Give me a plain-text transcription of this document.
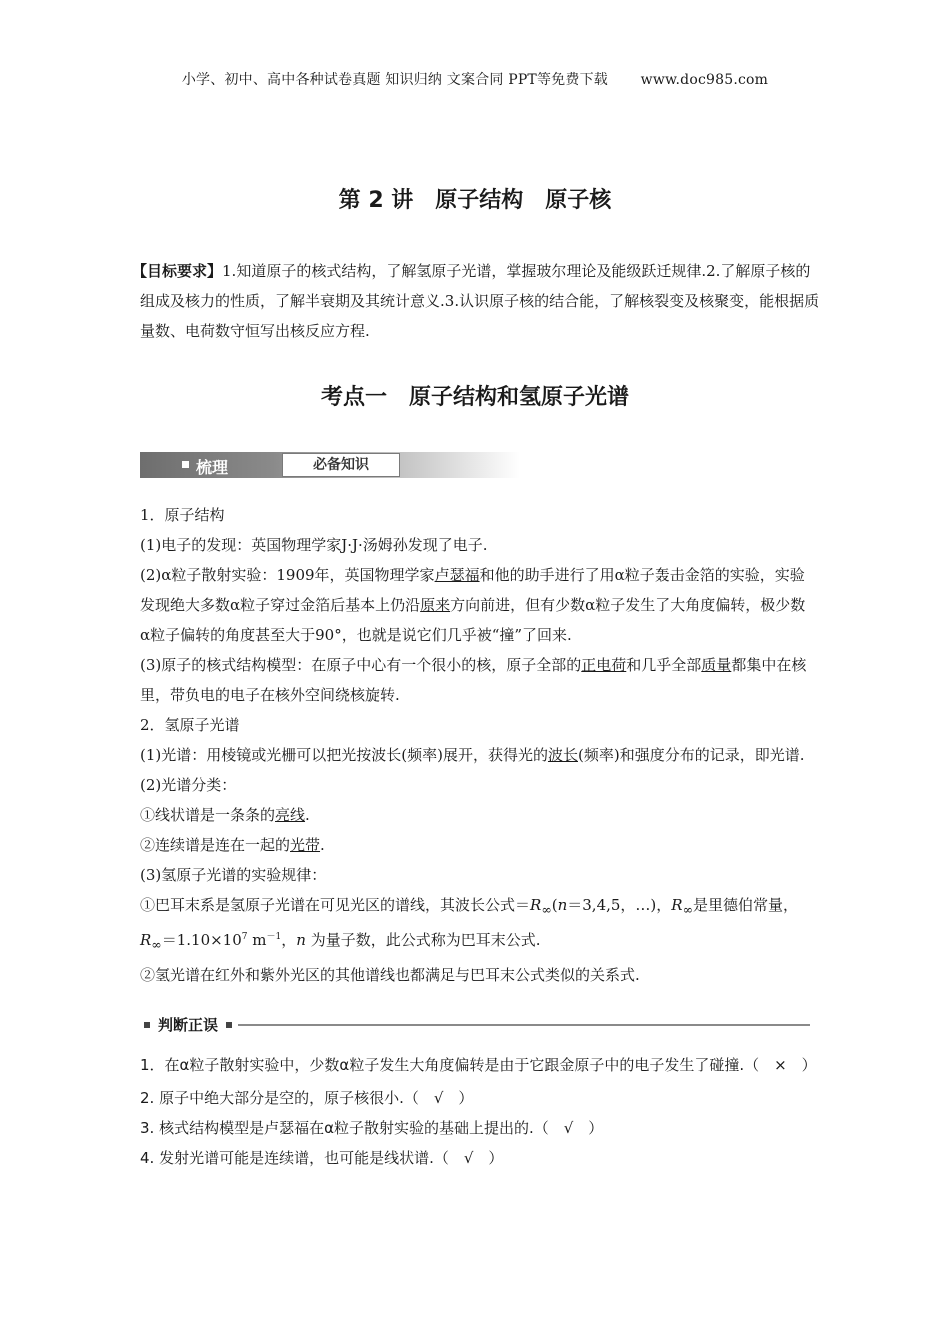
小学、初中、高中各种试卷真题 知识归纳 文案合同 PPT等免费下载 www.doc985.com
第 2 讲　原子结构　原子核
【目标要求】1.知道原子的核式结构，了解氢原子光谱，掌握玻尔理论及能级跃迁规律.2.了解原子核的组成及核力的性质，了解半衰期及其统计意义.3.认识原子核的结合能，了解核裂变及核聚变，能根据质量数、电荷数守恒写出核反应方程.
考点一　原子结构和氢原子光谱
梳理	必备知识

1．原子结构

(1)电子的发现：英国物理学家J·J·汤姆孙发现了电子.

(2)α粒子散射实验：1909年，英国物理学家卢瑟福和他的助手进行了用α粒子轰击金箔的实验，实验发现绝大多数α粒子穿过金箔后基本上仍沿原来方向前进，但有少数α粒子发生了大角度偏转，极少数α粒子偏转的角度甚至大于90°，也就是说它们几乎被“撞”了回来.

(3)原子的核式结构模型：在原子中心有一个很小的核，原子全部的正电荷和几乎全部质量都集中在核里，带负电的电子在核外空间绕核旋转.

2．氢原子光谱

(1)光谱：用棱镜或光栅可以把光按波长(频率)展开，获得光的波长(频率)和强度分布的记录，即光谱.

(2)光谱分类：

①线状谱是一条条的亮线.

②连续谱是连在一起的光带.

(3)氢原子光谱的实验规律：

①巴耳末系是氢原子光谱在可见光区的谱线，其波长公式$=R_\infty(n=3,4,5$，…)，$R_\infty$是里德伯常量，$R_\infty=1.10\times 10^7$ $m^{-1}$，n 为量子数，此公式称为巴耳末公式.

②氢光谱在红外和紫外光区的其他谱线也都满足与巴耳末公式类似的关系式.

判断正误

1．在α粒子散射实验中，少数α粒子发生大角度偏转是由于它跟金原子中的电子发生了碰撞.（　×　）

2. 原子中绝大部分是空的，原子核很小.（　√　）

3. 核式结构模型是卢瑟福在α粒子散射实验的基础上提出的.（　√　）

4. 发射光谱可能是连续谱，也可能是线状谱.（　√　）
